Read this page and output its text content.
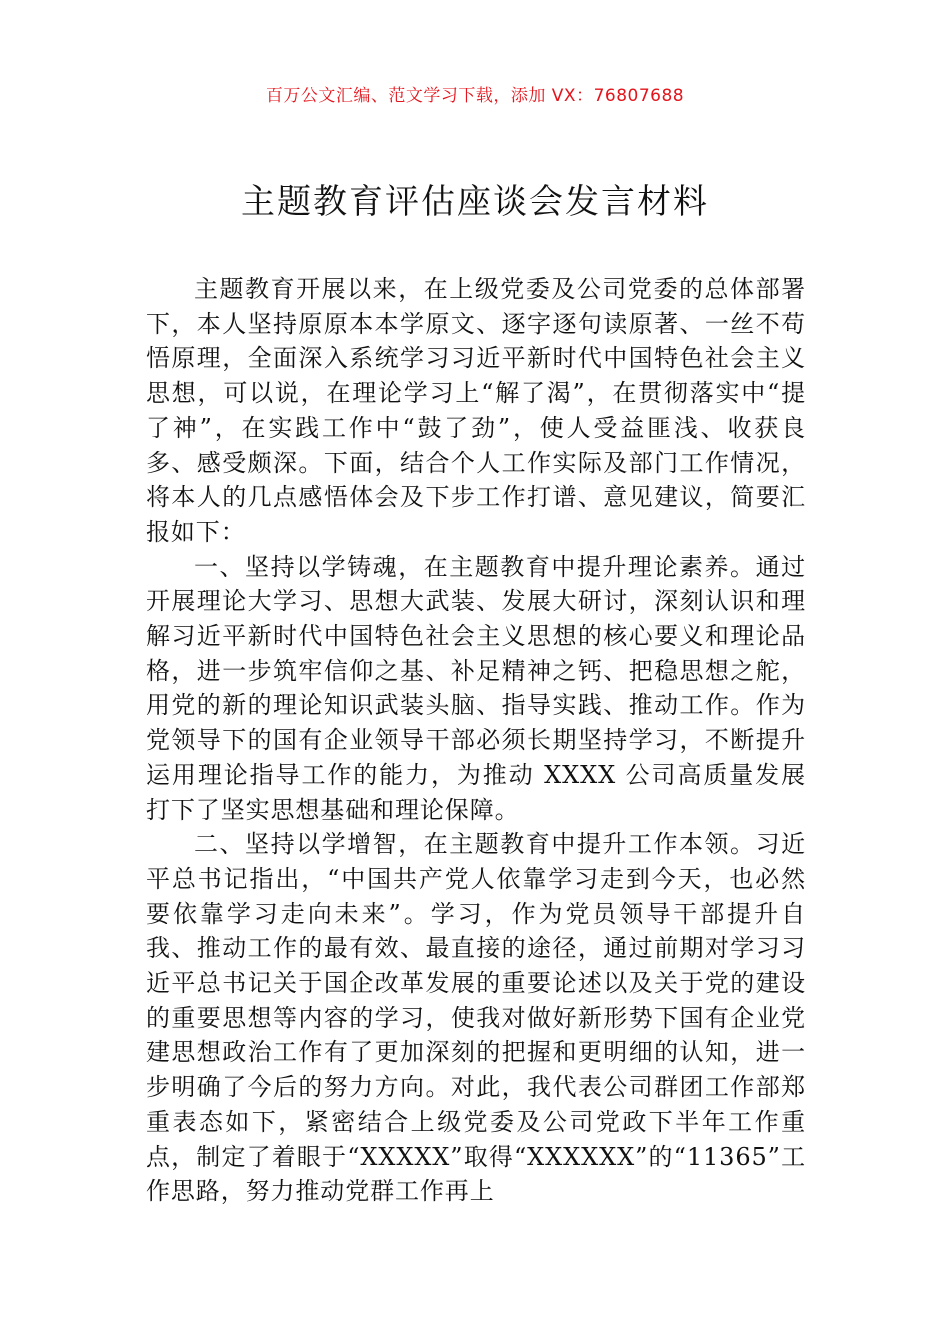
百万公文汇编、范文学习下载，添加 VX：76807688
主题教育评估座谈会发言材料

主题教育开展以来，在上级党委及公司党委的总体部署下，本人坚持原原本本学原文、逐字逐句读原著、一丝不苟悟原理，全面深入系统学习习近平新时代中国特色社会主义思想，可以说，在理论学习上“解了渴”，在贯彻落实中“提了神”，在实践工作中“鼓了劲”，使人受益匪浅、收获良多、感受颇深。下面，结合个人工作实际及部门工作情况，将本人的几点感悟体会及下步工作打谱、意见建议，简要汇报如下：

一、坚持以学铸魂，在主题教育中提升理论素养。通过开展理论大学习、思想大武装、发展大研讨，深刻认识和理解习近平新时代中国特色社会主义思想的核心要义和理论品格，进一步筑牢信仰之基、补足精神之钙、把稳思想之舵，用党的新的理论知识武装头脑、指导实践、推动工作。作为党领导下的国有企业领导干部必须长期坚持学习，不断提升运用理论指导工作的能力，为推动 XXXX 公司高质量发展打下了坚实思想基础和理论保障。

二、坚持以学增智，在主题教育中提升工作本领。习近平总书记指出，“中国共产党人依靠学习走到今天，也必然要依靠学习走向未来”。学习，作为党员领导干部提升自我、推动工作的最有效、最直接的途径，通过前期对学习习近平总书记关于国企改革发展的重要论述以及关于党的建设的重要思想等内容的学习，使我对做好新形势下国有企业党建思想政治工作有了更加深刻的把握和更明细的认知，进一步明确了今后的努力方向。对此，我代表公司群团工作部郑重表态如下，紧密结合上级党委及公司党政下半年工作重点，制定了着眼于“XXXXX”取得“XXXXXX”的“11365”工作思路，努力推动党群工作再上
